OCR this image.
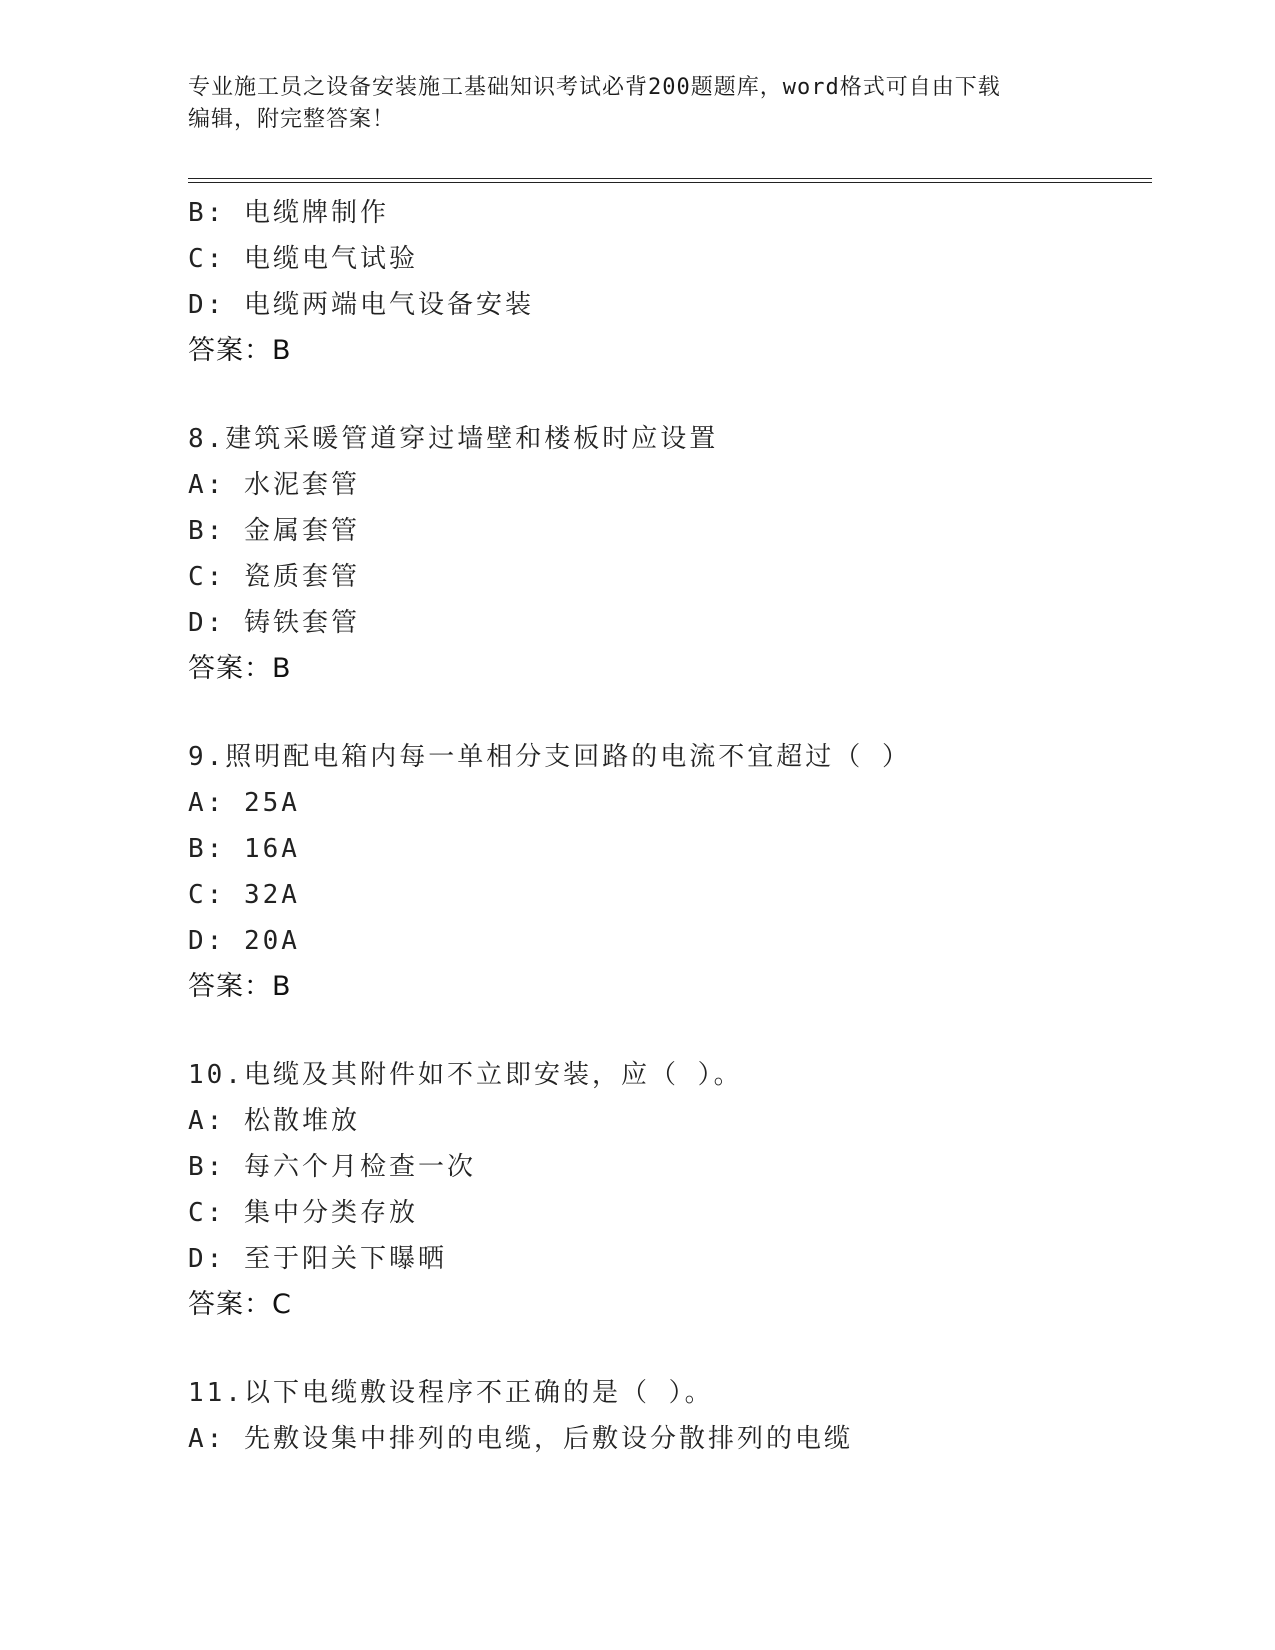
专业施工员之设备安装施工基础知识考试必背200题题库，word格式可自由下载
编辑，附完整答案！
B: 电缆牌制作
C: 电缆电气试验
D: 电缆两端电气设备安装
答案：B
8.建筑采暖管道穿过墙壁和楼板时应设置
A: 水泥套管
B: 金属套管
C: 瓷质套管
D: 铸铁套管
答案：B
9.照明配电箱内每一单相分支回路的电流不宜超过（ ）
A: 25A
B: 16A
C: 32A
D: 20A
答案：B
10.电缆及其附件如不立即安装，应（ ）。
A: 松散堆放
B: 每六个月检查一次
C: 集中分类存放
D: 至于阳关下曝晒
答案：C
11.以下电缆敷设程序不正确的是（ ）。
A: 先敷设集中排列的电缆，后敷设分散排列的电缆
